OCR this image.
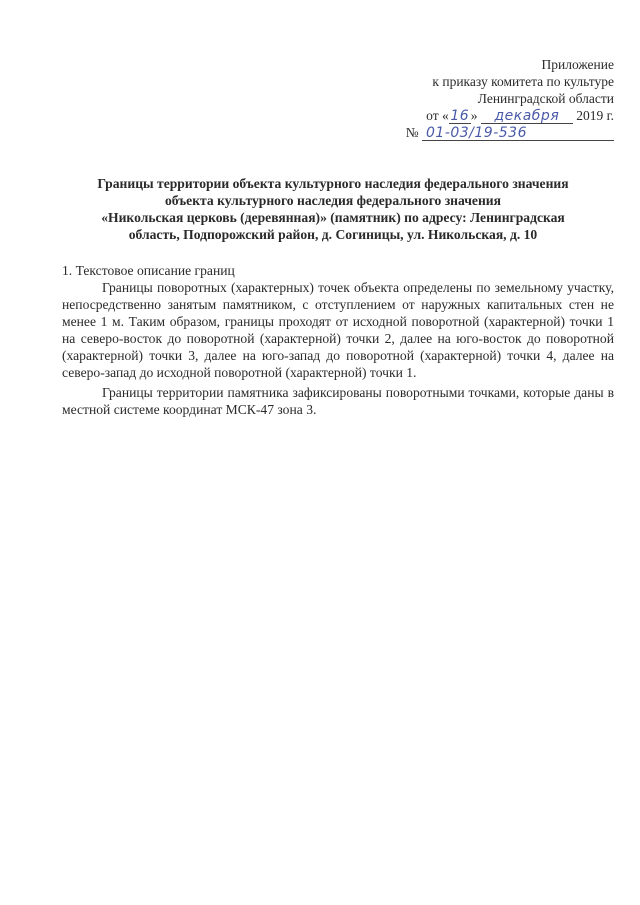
Приложение
к приказу комитета по культуре
Ленинградской области
от « 16 » декабря 2019 г.
№ 01-03/19-536
Границы территории объекта культурного наследия федерального значения
объекта культурного наследия федерального значения
«Никольская церковь (деревянная)» (памятник) по адресу: Ленинградская
область, Подпорожский район, д. Согиницы, ул. Никольская, д. 10

1. Текстовое описание границ

Границы поворотных (характерных) точек объекта определены по земельному участку, непосредственно занятым памятником, с отступлением от наружных капитальных стен не менее 1 м. Таким образом, границы проходят от исходной поворотной (характерной) точки 1 на северо-восток до поворотной (характерной) точки 2, далее на юго-восток до поворотной (характерной) точки 3, далее на юго-запад до поворотной (характерной) точки 4, далее на северо-запад до исходной поворотной (характерной) точки 1.

Границы территории памятника зафиксированы поворотными точками, которые даны в местной системе координат МСК-47 зона 3.
